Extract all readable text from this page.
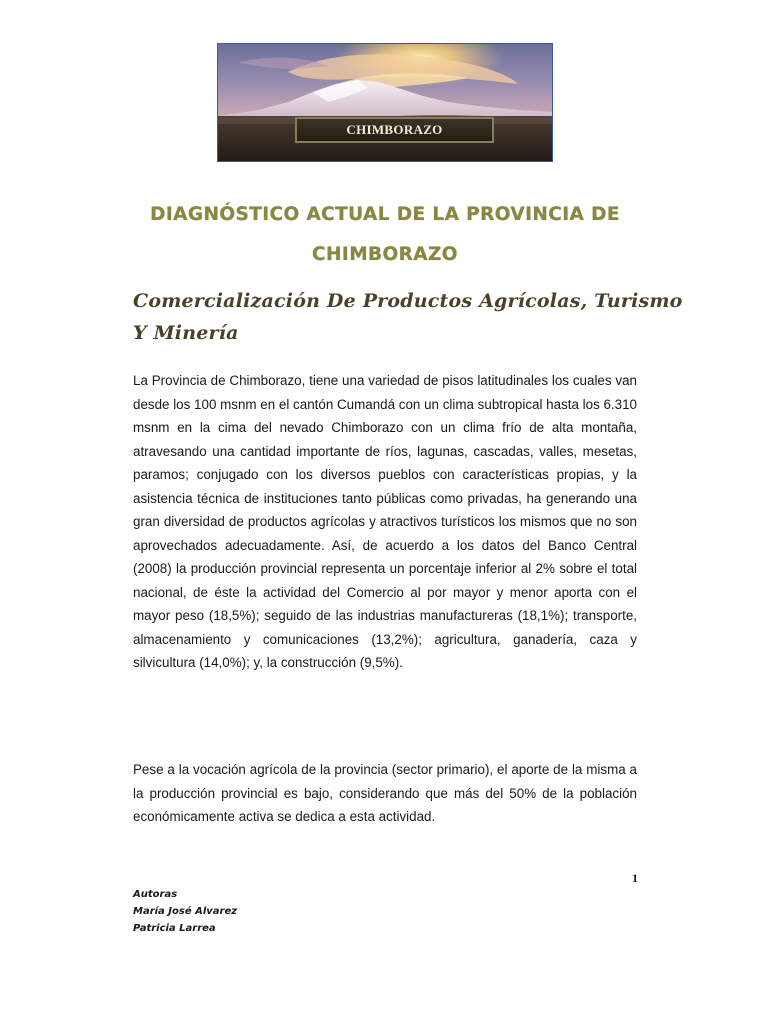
CHIMBORAZO
DIAGNÓSTICO ACTUAL DE LA PROVINCIA DE
CHIMBORAZO
Comercialización De Productos Agrícolas, Turismo Y Minería

La Provincia de Chimborazo, tiene una variedad de pisos latitudinales los cuales van desde los 100 msnm en el cantón Cumandá con un clima subtropical hasta los 6.310 msnm en la cima del nevado Chimborazo con un clima frío de alta montaña, atravesando una cantidad importante de ríos, lagunas, cascadas, valles, mesetas, paramos; conjugado con los diversos pueblos con características propias, y la asistencia técnica de instituciones tanto públicas como privadas, ha generando una gran diversidad de productos agrícolas y atractivos turísticos los mismos que no son aprovechados adecuadamente. Así, de acuerdo a los datos del Banco Central (2008) la producción provincial representa un porcentaje inferior al 2% sobre el total nacional, de éste la actividad del Comercio al por mayor y menor aporta con el mayor peso (18,5%); seguido de las industrias manufactureras (18,1%); transporte, almacenamiento y comunicaciones (13,2%); agricultura, ganadería, caza y silvicultura (14,0%); y, la construcción (9,5%).

Pese a la vocación agrícola de la provincia (sector primario), el aporte de la misma a la producción provincial es bajo, considerando que más del 50% de la población económicamente activa se dedica a esta actividad.

1
Autoras
María José Alvarez
Patricia Larrea
